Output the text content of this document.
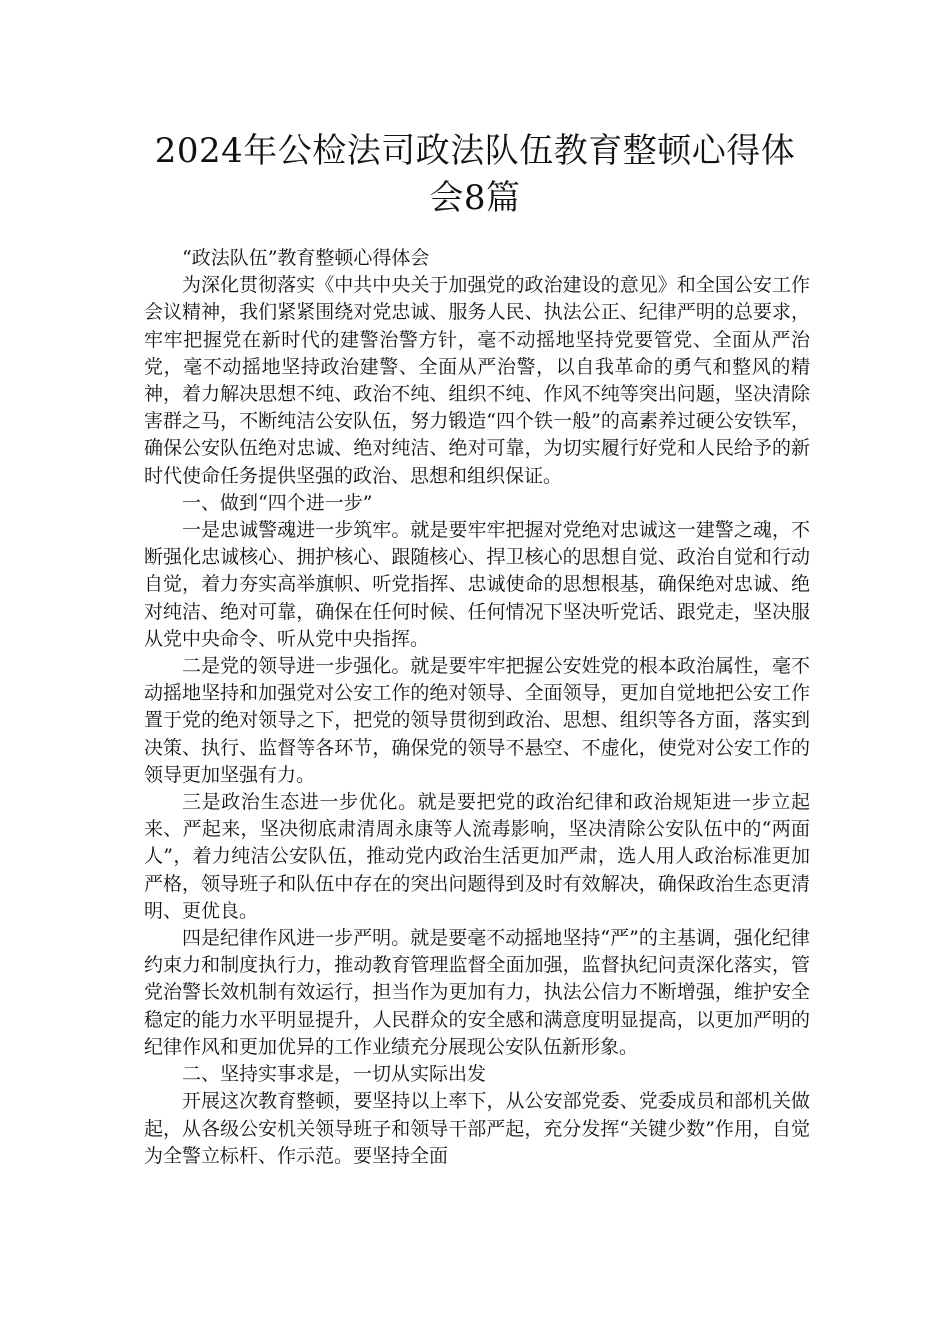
2024年公检法司政法队伍教育整顿心得体
会8篇

“政法队伍”教育整顿心得体会

为深化贯彻落实《中共中央关于加强党的政治建设的意见》和全国公安工作会议精神，我们紧紧围绕对党忠诚、服务人民、执法公正、纪律严明的总要求，牢牢把握党在新时代的建警治警方针，毫不动摇地坚持党要管党、全面从严治党，毫不动摇地坚持政治建警、全面从严治警，以自我革命的勇气和整风的精神，着力解决思想不纯、政治不纯、组织不纯、作风不纯等突出问题，坚决清除害群之马，不断纯洁公安队伍，努力锻造“四个铁一般”的高素养过硬公安铁军，确保公安队伍绝对忠诚、绝对纯洁、绝对可靠，为切实履行好党和人民给予的新时代使命任务提供坚强的政治、思想和组织保证。

一、做到“四个进一步”

一是忠诚警魂进一步筑牢。就是要牢牢把握对党绝对忠诚这一建警之魂，不断强化忠诚核心、拥护核心、跟随核心、捍卫核心的思想自觉、政治自觉和行动自觉，着力夯实高举旗帜、听党指挥、忠诚使命的思想根基，确保绝对忠诚、绝对纯洁、绝对可靠，确保在任何时候、任何情况下坚决听党话、跟党走，坚决服从党中央命令、听从党中央指挥。

二是党的领导进一步强化。就是要牢牢把握公安姓党的根本政治属性，毫不动摇地坚持和加强党对公安工作的绝对领导、全面领导，更加自觉地把公安工作置于党的绝对领导之下，把党的领导贯彻到政治、思想、组织等各方面，落实到决策、执行、监督等各环节，确保党的领导不悬空、不虚化，使党对公安工作的领导更加坚强有力。

三是政治生态进一步优化。就是要把党的政治纪律和政治规矩进一步立起来、严起来，坚决彻底肃清周永康等人流毒影响，坚决清除公安队伍中的“两面人”，着力纯洁公安队伍，推动党内政治生活更加严肃，选人用人政治标准更加严格，领导班子和队伍中存在的突出问题得到及时有效解决，确保政治生态更清明、更优良。

四是纪律作风进一步严明。就是要毫不动摇地坚持“严”的主基调，强化纪律约束力和制度执行力，推动教育管理监督全面加强，监督执纪问责深化落实，管党治警长效机制有效运行，担当作为更加有力，执法公信力不断增强，维护安全稳定的能力水平明显提升，人民群众的安全感和满意度明显提高，以更加严明的纪律作风和更加优异的工作业绩充分展现公安队伍新形象。

二、坚持实事求是，一切从实际出发

开展这次教育整顿，要坚持以上率下，从公安部党委、党委成员和部机关做起，从各级公安机关领导班子和领导干部严起，充分发挥“关键少数”作用，自觉为全警立标杆、作示范。要坚持全面
